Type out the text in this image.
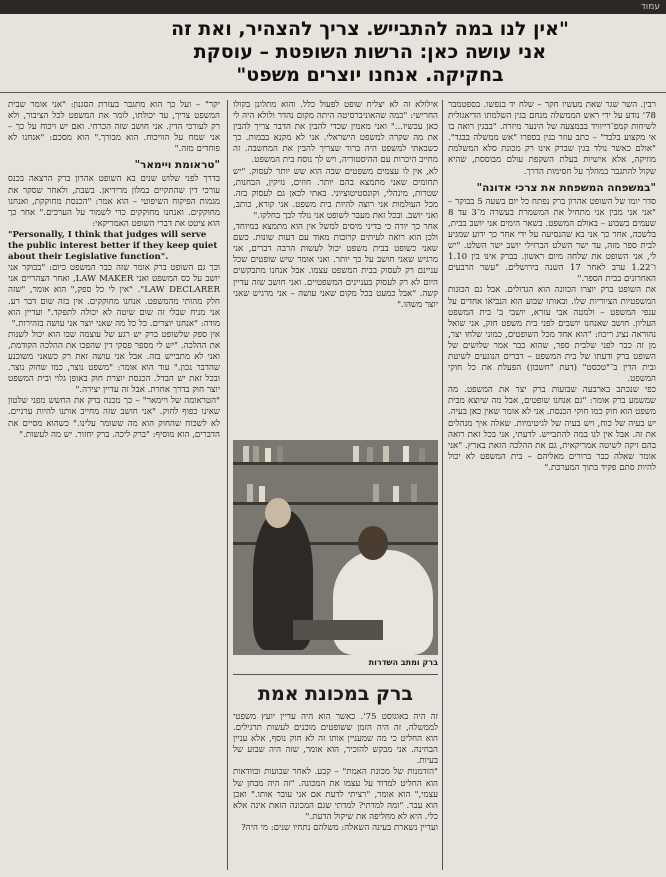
עמוד
"אין לנו במה להתבייש. צריך להצהיר, ואת זה אני עושה כאן: הרשות השופטת – עוסקת בחקיקה. אנחנו יוצרים משפט"

רבין. השר שגר שאת מעשיו חקר – שלח יד בנפשו. בספטמבר 78' נודע על ידי ראש הממשלה מנחם בגין השלמתו הדיאגולית לשיחות קמפ־דייוויד בבמצעה של הינער מיזרה. "בבגין רואה בו אי מקצוע בלבד" – כתב עוזר בגין בספרו "אש ממשלה בבגד". "אולם כאשר נולד בגין שברק אינו רק מכונת סלא המשלמת מוזיקה, אלא אישיות בעלת השקפת עולם מבוססת, שהיא שקול להתגבר במהלך על חסימות הדרך.

"במשפחה המשפחת את צרכי אדונה"

סדר יומו של השופט אהרון ברק נפתח כל יום בשעה 5 בבוקר – "אני אני מבין אני מתחיל את המשמרת בעשרה מ־3 עד 8 שעמים בשבוע – באולם המשפט. בשאר הימים אני יושב בבית, בלשכה, אחר כך אני בא שהנסיעה על ידי אחר כך ידוע שמגיע לבית ספר מזה, עד ישר השלט הברזילי יושב ישר השלט. "יש לי, אני השופט את שלחה מיום ראשון. בברק אינו בין 1.10 ו־1.22 ערב לאחר 17 השנה בירושלים. "עשר הרבעים האחרונים בבית הספר."

את השופט ברק יוצרו הכוונה הוא הגדולים. אבל גם הכונות המשפטיות הציוריות שלו. ובאותו שבוע הוא הנביאו אחדים על ענפי המשפט – ולמטה אבי עזרא, יושבי ב' בית המשפט העליון. חושב שאנחנו יושבים לפני בית משפט חזק, אני שואל נהוראה נציג ריכוז: "הוא אחד מכל השופטים, כמוני שלחו יצר, מן זה כבר לפני שלבית ספר, שהוא כבר אמר שלושים של השופט ברק ודעתו של בית המשפט – דברים הנוגעים לשיטת ובית הדין ב־"טכסט" (דעת "חשבון) הפעלת את כל חוקי המשפט.

כפי שנכתב בארבעה שבועות ברק יצר את המשפט. מה שמשמע ברק אומר: "גם אנחנו שופטים, אבל מה שיוצא מבית משפט הוא חוק כמו חוקי הכנסת. אני לא אומר שאין כאן בעיה. יש בעיה של כוח, ויש בעיה של לגיטימיות. שאלה איך מנהלים את זה. אבל אין לנו במה להתבייש. לדעתי, אני בכל זאת רואה בהם זיקה לשיטה אמריקאית, גם את ההלכה הזאת בארץ. "אני אומר שאלה כבר ברורים מאליהם – בית המשפט לא יכול להיות סתם פקיד בתוך המערכת."

אילולא זה לא יצליח שופט לפעול כלל. והוא מתלונן בקולו החרישי: "כמה שהאוניברסיטה היתה מקום נהדר ולולא היה לי כאן עכשיו..." ואני מאמין שכדי להבין את הדבר צריך להבין את מה שקרה למשפט הישראלי. אני לא מקנא בבמות. כך כשבאתי למשפט היה ברור שצריך להבין את המחשבה. זה מחייב היכרות עם ההיסטוריה, ויש לך נוסח בית המשפט.

לא, אין לו עצמים משפטים שבה הוא שש יותר לעסוק. "יש תחומים שאני מתמצא בהם יותר. חוזים, נזיקין, הבחנות, שטרות, מינהלי, וקונסטיטוציוני. באתי לכאן גם לעסוק בזה. מכל העולמות אני רוצה להיות בית משפט. אני קורא, כותב, ואני יושב. ובכל זאת מעבר לשופט אני נולד לכך בחלקו."

אחר כך יורה כי בדיני מיסים למשל אין הוא מתמצא במיוחד, ולכן הוא רואה לעיתים קרובות מאוד עם דעות שונות. כשם שאני כשופט בבית משפט יכול לעשות הרבה דברים, אני מרגיש שאני חושב על כך יותר. ואני אומר שיש שופטים שכל עניינם רק לעסוק בבית המשפט עצמו. אבל אנחנו מתבקשים היום לא רק לעסוק בעניינים המשפטיים. ואני חושב שזה עדיין קשה. "אבל כמעט בכל מקום שאני עושה – אני מרגיש שאני יוצר משהו."

ברק ומתב השדרות
ברק במכונת אמת

זה היה באוגוסט 75'. כאשר הוא היה עדיין יועץ משפטי לממשלה, זה היה הזמן ששופטים מוכנים לעשות תרגילים. הוא החליט כי מה שמעניין אותו זה לא חוק נוסף, אלא עניין הבחינה. אני מבקש להזכיר, הוא אומר, שזה היה שבוע של בעיות.

"הזדמנות של מכונת האמת" – קבע. לאחר שבועות ובוודאות הוא החליט למדוד על עצמו את המכונה. "זה היה מבחן של עצמי," הוא אומר, "רציתי לדעת אם אני עובר אותו." ואכן הוא עבר. "ומה למדתי? למדתי שגם המכונה הזאת אינה אלא כלי. היא לא מחליפה את שיקול הדעת."

ועדיין נשארת בעינה השאלה: משלהם נתחיו שנים: מי היה?

יקר" – ועל כך הוא מתגבר בעזרת הסגנון: "אני אומר שבית המשפט צריך, עד יכולתו, לומר את המשפט לכל הציבור, ולא רק לעורכי הדין. אני חושב שזה הכרחי. ואם יש ויכוח על כך – אני שמח על הוויכוח. הוא מבורך." הוא מסכם: "אנחנו לא פוחדים מזה."

"טראומת ויימאר"

בדרך לפני שלוש שנים בא השופט אהרון ברק הרצאה בכנס עורכי דין שהתקיים במלון מרידיאן. בשבת, ולאחר שסקר את מגמות הפיקוח השיפוטי – הוא אמר: "הכנסת מחוקקת, ואנחנו מחוקקים. ואנחנו מחוקקים כדי לשמור על הערכים." אחר כך הוא ציטט את דברי השופט האמריקאי:

"Personally, I think that judges will serve the public interest better if they keep quiet about their Legislative function".

וכך גם השופט ברק אומר שזה כבר המשפט כיום: "בבוקר אני יושב על כס המשפט ואני LAW MAKER, ואחר הצהריים אני LAW DECLARER". "אין לי כל ספק," הוא אומר, "שזה חלק מהותי מהמשפט. אנחנו מחוקקים. אין בזה שום דבר רע. אני מניח שבלי זה שום שיטה לא יכולה לתפקד." ועדיין הוא מודה: "אנחנו יוצרים. כל כל מה שאני יוצר אני עושה בזהירות."

אין ספק שלשופט ברק יש רגע של עוצמה שבו הוא יכול לשנות את ההלכה. "יש לי מספר פסקי דין שהפכו את ההלכה הקודמת, ואני לא מתבייש בזה. אבל אני עושה זאת רק כשאני משוכנע שהדבר נכון." עוד הוא אומר: "משפט נוצר, כמו שחוק נוצר. ובכל זאת יש הבדל. הכנסת יוצרת חוק באופן גלוי ובית המשפט יוצר חוק בדרך אחרת. אבל זה עדיין יצירה."

"הטראומה של ויימאר" – כך מכנה ברק את החשש מפני שלטון שאינו כפוף לחוק. "אני חושב שזה מחייב אותנו להיות ערניים. לא לשכוח שהחוק הוא מה ששומר עלינו." כשהוא מסיים את הדברים, הוא מוסיף: "ברק ליכה. ברק יחזור. יש מה לעשות."
